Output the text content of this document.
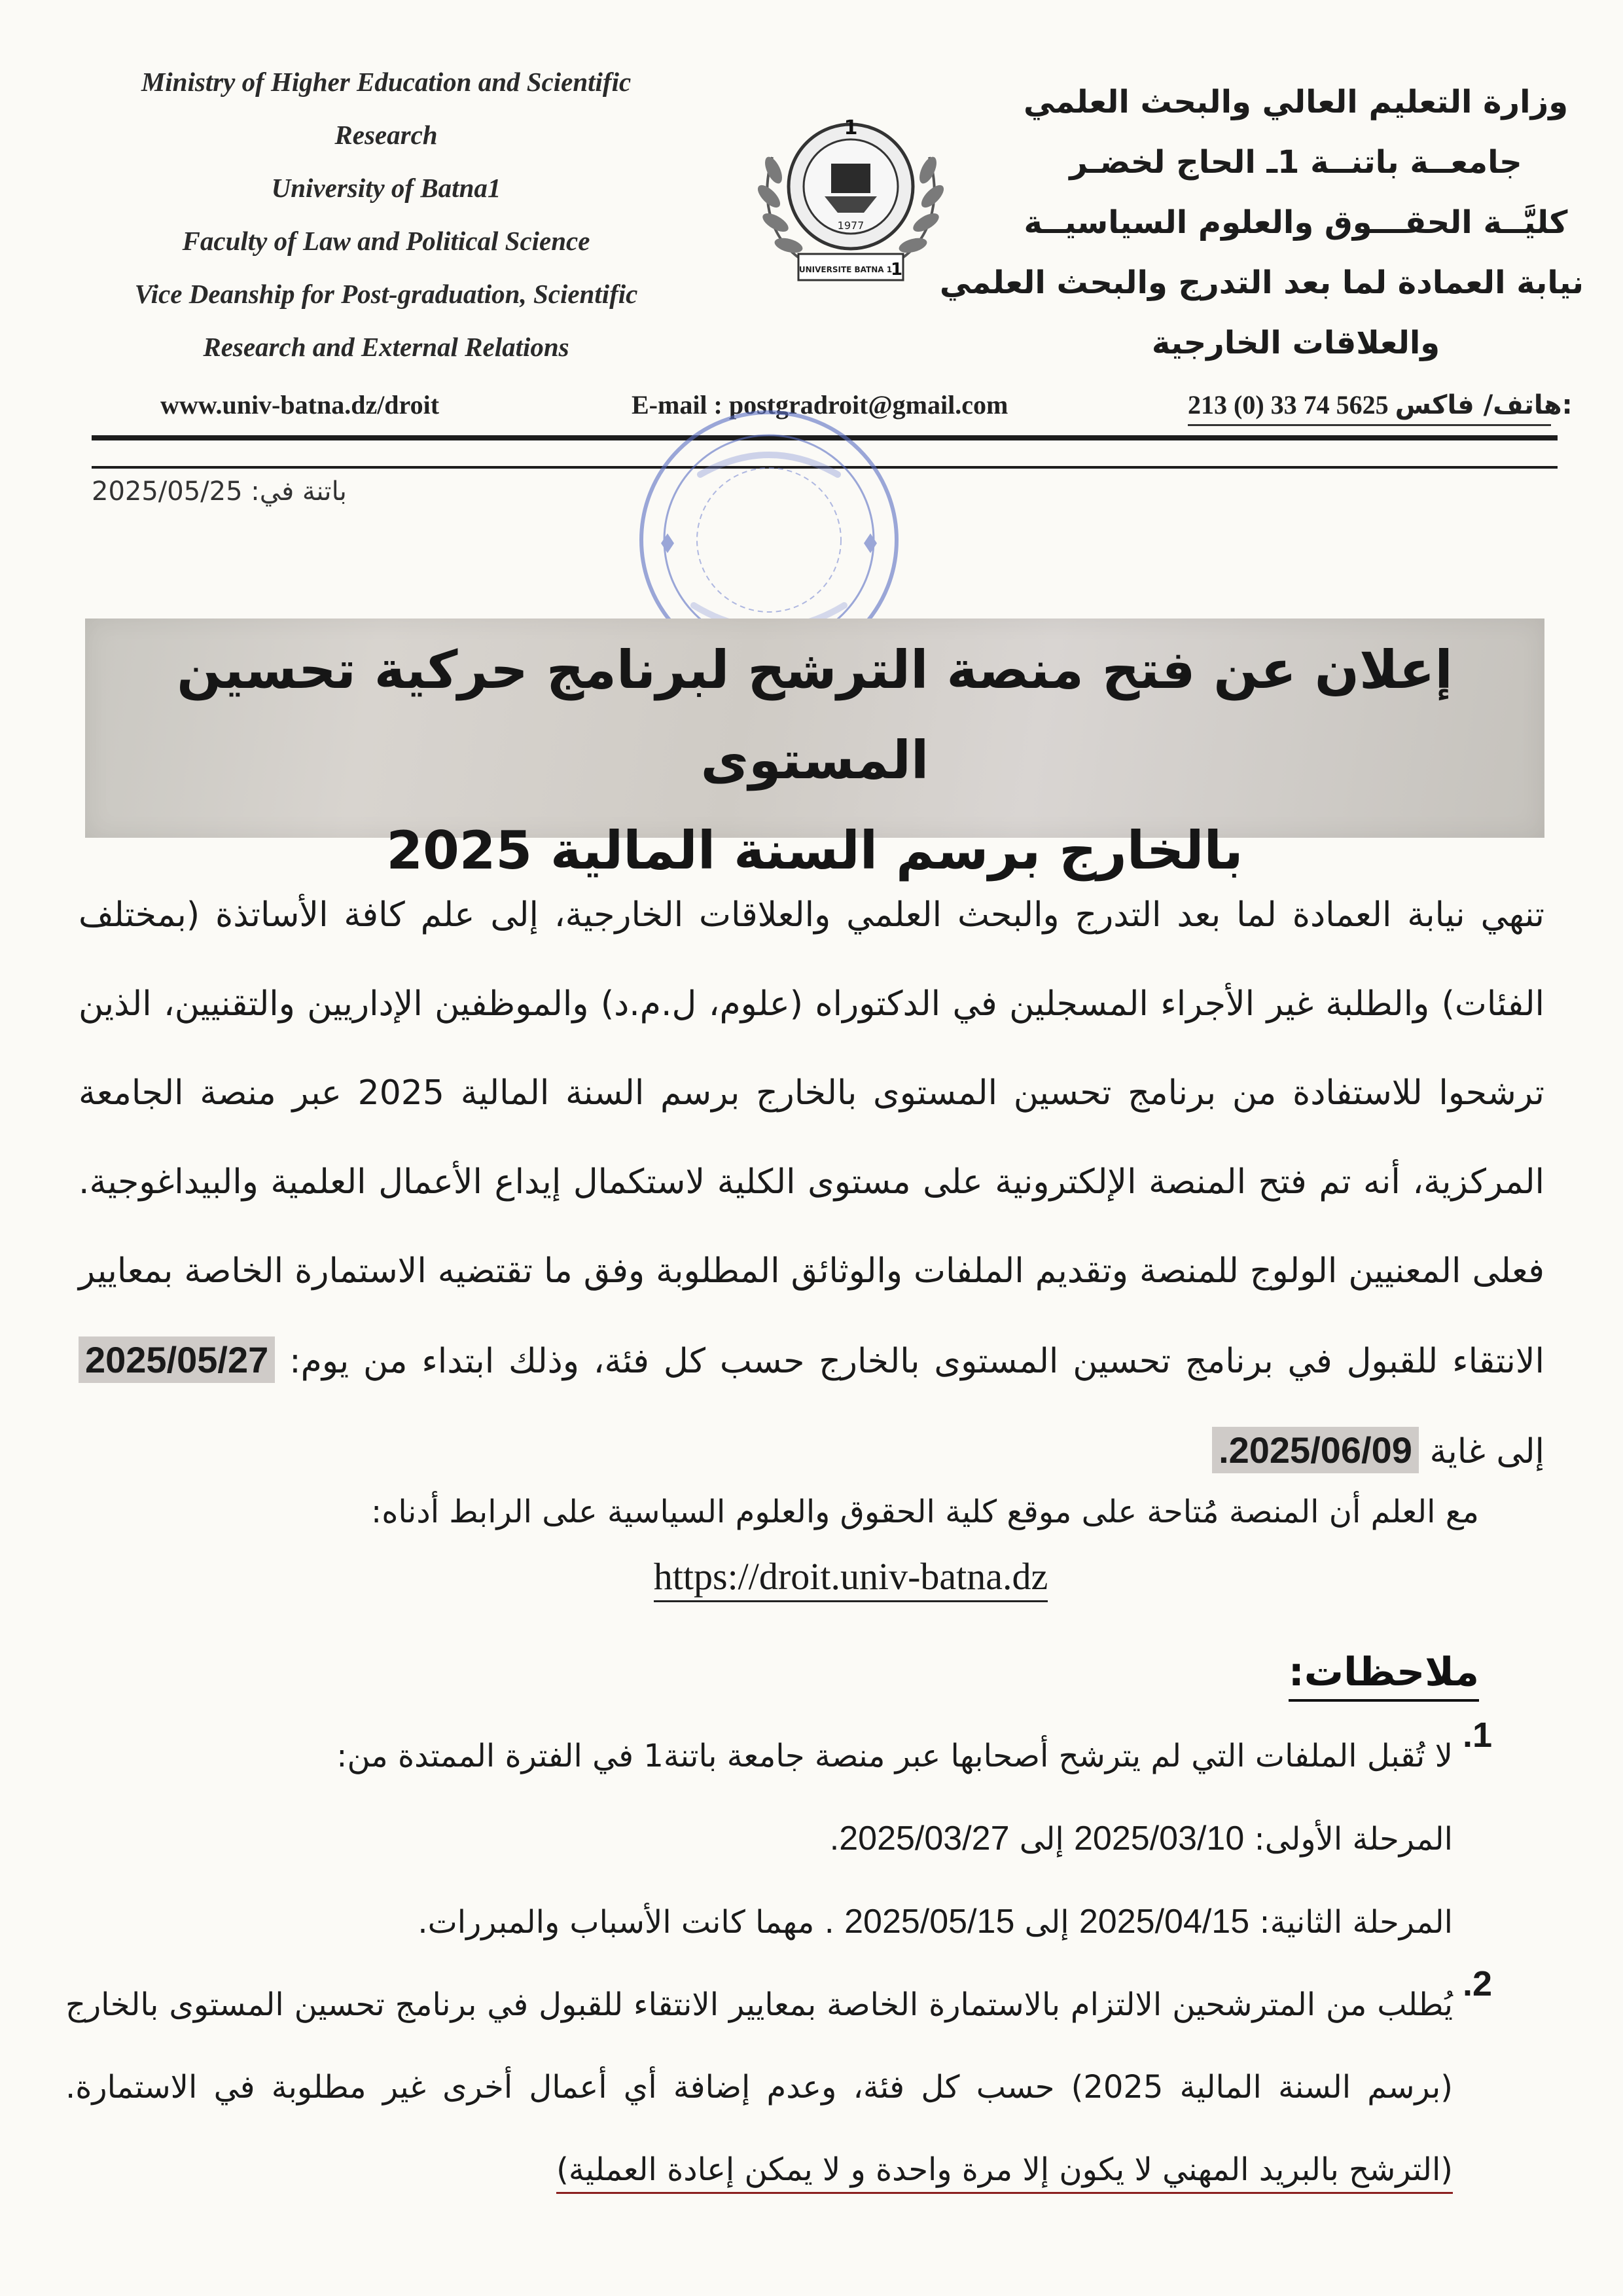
Ministry of Higher Education and Scientific
Research
University of Batna1
Faculty of Law and Political Science
Vice Deanship for Post-graduation, Scientific
Research and External Relations
1
1977
UNIVERSITE BATNA 1
1
وزارة التعليم العالي والبحث العلمي
جامعــة باتنــة 1ـ الحاج لخضـر
كليَّــة الحقـــوق والعلوم السياسيــة
نيابة العمادة لما بعد التدرج والبحث العلمي
والعلاقات الخارجية
www.univ-batna.dz/droit	E-mail : postgradroit@gmail.com	213 (0) 33 74 5625 هاتف/ فاكس:
باتنة في: 2025/05/25
إعلان عن فتح منصة الترشح لبرنامج حركية تحسين المستوى
بالخارج برسم السنة المالية 2025
تنهي نيابة العمادة لما بعد التدرج والبحث العلمي والعلاقات الخارجية، إلى علم كافة الأساتذة (بمختلف الفئات) والطلبة غير الأجراء المسجلين في الدكتوراه (علوم، ل.م.د) والموظفين الإداريين والتقنيين، الذين ترشحوا للاستفادة من برنامج تحسين المستوى بالخارج برسم السنة المالية 2025 عبر منصة الجامعة المركزية، أنه تم فتح المنصة الإلكترونية على مستوى الكلية لاستكمال إيداع الأعمال العلمية والبيداغوجية. فعلى المعنيين الولوج للمنصة وتقديم الملفات والوثائق المطلوبة وفق ما تقتضيه الاستمارة الخاصة بمعايير الانتقاء للقبول في برنامج تحسين المستوى بالخارج حسب كل فئة، وذلك ابتداء من يوم: 2025/05/27 إلى غاية 2025/06/09.
مع العلم أن المنصة مُتاحة على موقع كلية الحقوق والعلوم السياسية على الرابط أدناه:
https://droit.univ-batna.dz
ملاحظات:
1.
لا تُقبل الملفات التي لم يترشح أصحابها عبر منصة جامعة باتنة1 في الفترة الممتدة من:
المرحلة الأولى: 2025/03/10 إلى 2025/03/27.
المرحلة الثانية: 2025/04/15 إلى 2025/05/15 . مهما كانت الأسباب والمبررات.
2.
يُطلب من المترشحين الالتزام بالاستمارة الخاصة بمعايير الانتقاء للقبول في برنامج تحسين المستوى بالخارج (برسم السنة المالية 2025) حسب كل فئة، وعدم إضافة أي أعمال أخرى غير مطلوبة في الاستمارة. (الترشح بالبريد المهني لا يكون إلا مرة واحدة و لا يمكن إعادة العملية)
